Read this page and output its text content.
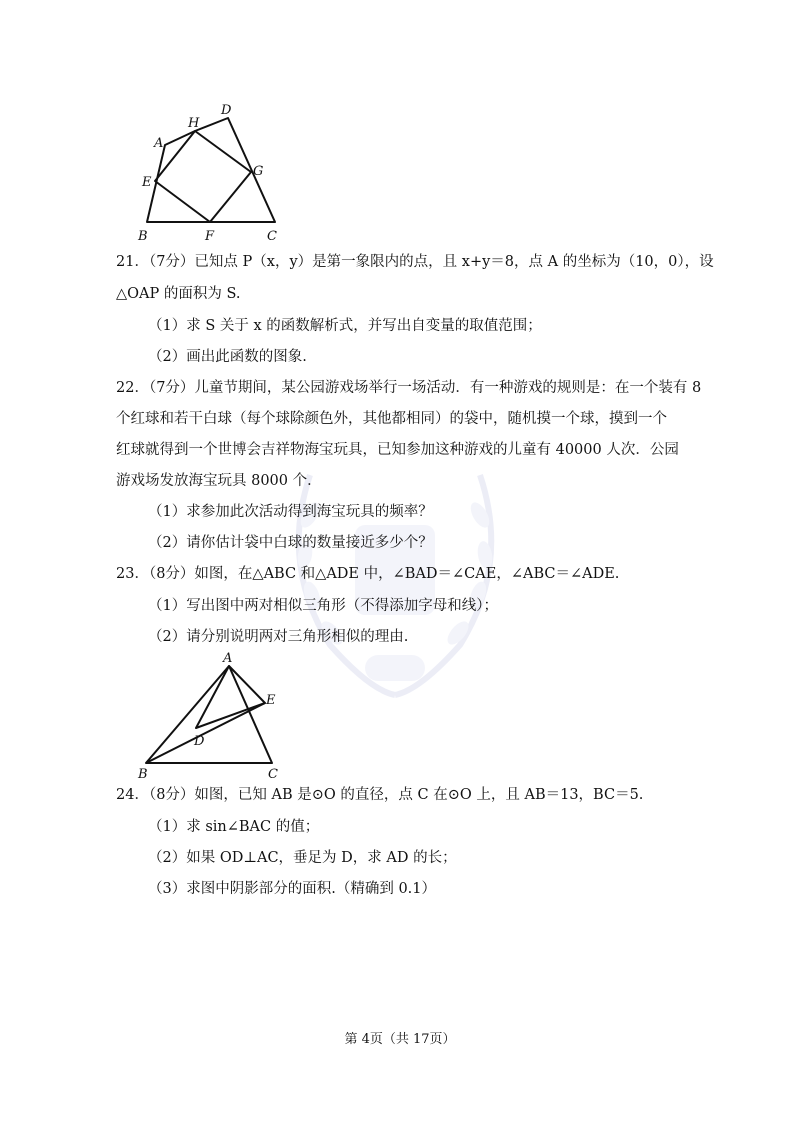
A
B	C
D
E
F
G
H
21．（7分）已知点 P（x，y）是第一象限内的点，且 x+y＝8，点 A 的坐标为（10，0），设
△OAP 的面积为 S.
（1）求 S 关于 x 的函数解析式，并写出自变量的取值范围；
（2）画出此函数的图象.
22．（7分）儿童节期间，某公园游戏场举行一场活动．有一种游戏的规则是：在一个装有 8
个红球和若干白球（每个球除颜色外，其他都相同）的袋中，随机摸一个球，摸到一个
红球就得到一个世博会吉祥物海宝玩具，已知参加这种游戏的儿童有 40000 人次．公园
游戏场发放海宝玩具 8000 个．
（1）求参加此次活动得到海宝玩具的频率？
（2）请你估计袋中白球的数量接近多少个？
23．（8分）如图，在△ABC 和△ADE 中，∠BAD＝∠CAE，∠ABC＝∠ADE.
（1）写出图中两对相似三角形（不得添加字母和线）；
（2）请分别说明两对三角形相似的理由.
A
B	C
D
E
24．（8分）如图，已知 AB 是⊙O 的直径，点 C 在⊙O 上，且 AB＝13，BC＝5.
（1）求 sin∠BAC 的值；
（2）如果 OD⊥AC，垂足为 D，求 AD 的长；
（3）求图中阴影部分的面积.（精确到 0.1）
第 4页（共 17页）
